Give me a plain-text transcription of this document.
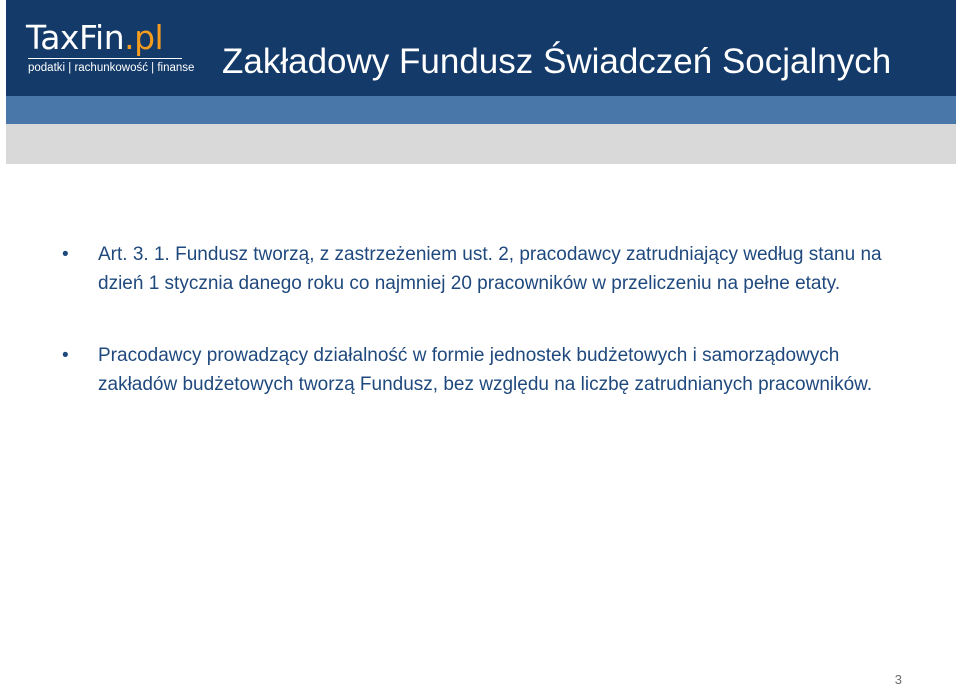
TaxFin.pl
podatki | rachunkowość | finanse Zakładowy Fundusz Świadczeń Socjalnych
• Art. 3. 1. Fundusz tworzą, z zastrzeżeniem ust. 2, pracodawcy zatrudniający według stanu na dzień 1 stycznia danego roku co najmniej 20 pracowników w przeliczeniu na pełne etaty.
• Pracodawcy prowadzący działalność w formie jednostek budżetowych i samorządowych zakładów budżetowych tworzą Fundusz, bez względu na liczbę zatrudnianych pracowników.
3
